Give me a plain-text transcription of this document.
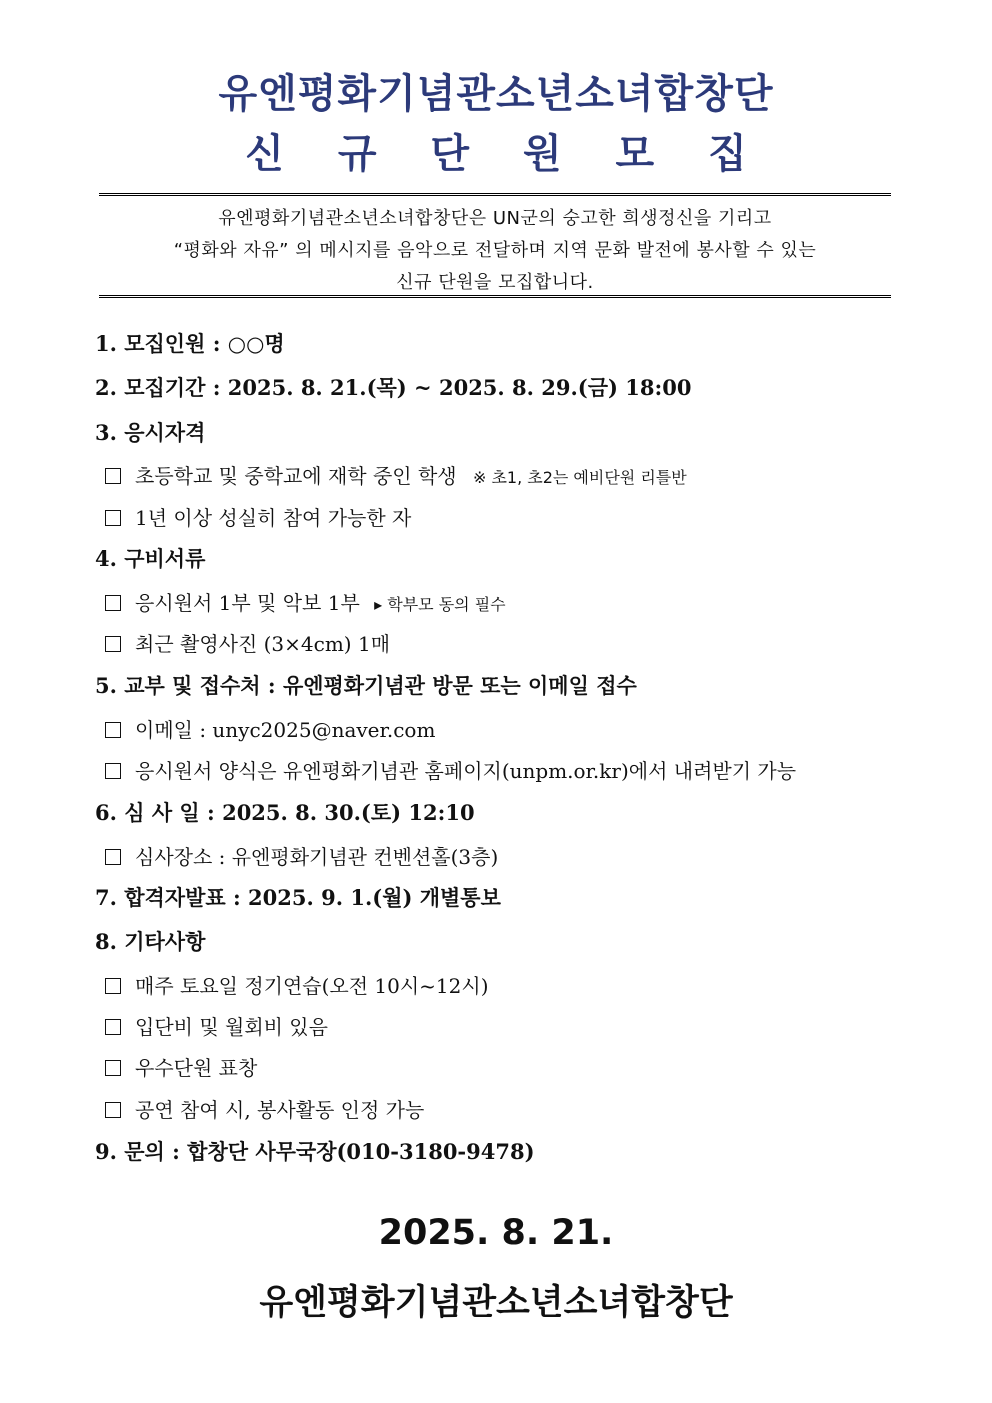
유엔평화기념관소년소녀합창단
신 규 단 원 모 집
유엔평화기념관소년소녀합창단은 UN군의 숭고한 희생정신을 기리고
“평화와 자유” 의 메시지를 음악으로 전달하며 지역 문화 발전에 봉사할 수 있는
신규 단원을 모집합니다.
1. 모집인원 : ○○명
2. 모집기간 : 2025. 8. 21.(목) ~ 2025. 8. 29.(금) 18:00
3. 응시자격
초등학교 및 중학교에 재학 중인 학생 ※ 초1, 초2는 예비단원 리틀반
1년 이상 성실히 참여 가능한 자
4. 구비서류
응시원서 1부 및 악보 1부 ▸ 학부모 동의 필수
최근 촬영사진 (3×4cm) 1매
5. 교부 및 접수처 : 유엔평화기념관 방문 또는 이메일 접수
이메일 : unyc2025@naver.com
응시원서 양식은 유엔평화기념관 홈페이지(unpm.or.kr)에서 내려받기 가능
6. 심 사 일 : 2025. 8. 30.(토) 12:10
심사장소 : 유엔평화기념관 컨벤션홀(3층)
7. 합격자발표 : 2025. 9. 1.(월) 개별통보
8. 기타사항
매주 토요일 정기연습(오전 10시~12시)
입단비 및 월회비 있음
우수단원 표창
공연 참여 시, 봉사활동 인정 가능
9. 문의 : 합창단 사무국장(010-3180-9478)
2025. 8. 21.
유엔평화기념관소년소녀합창단
